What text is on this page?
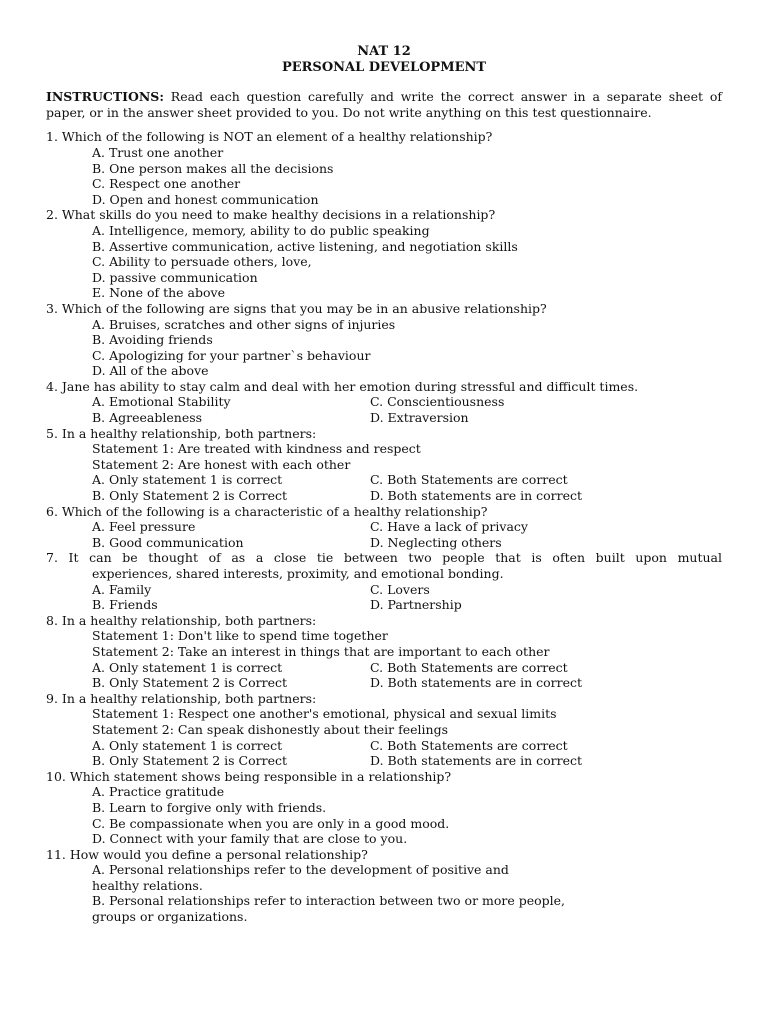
NAT 12
PERSONAL DEVELOPMENT
INSTRUCTIONS: Read each question carefully and write the correct answer in a separate sheet of paper, or in the answer sheet provided to you. Do not write anything on this test questionnaire.
1. Which of the following is NOT an element of a healthy relationship?
A. Trust one another
B. One person makes all the decisions
C. Respect one another
D. Open and honest communication
2. What skills do you need to make healthy decisions in a relationship?
A. Intelligence, memory, ability to do public speaking
B. Assertive communication, active listening, and negotiation skills
C. Ability to persuade others, love,
D. passive communication
E. None of the above
3. Which of the following are signs that you may be in an abusive relationship?
A. Bruises, scratches and other signs of injuries
B. Avoiding friends
C. Apologizing for your partner`s behaviour
D. All of the above
4. Jane has ability to stay calm and deal with her emotion during stressful and difficult times.
A. Emotional Stability	C. Conscientiousness
B. Agreeableness	D. Extraversion
5. In a healthy relationship, both partners:
Statement 1: Are treated with kindness and respect
Statement 2: Are honest with each other
A. Only statement 1 is correct	C. Both Statements are correct
B. Only Statement 2 is Correct	D. Both statements are in correct
6. Which of the following is a characteristic of a healthy relationship?
A. Feel pressure	C. Have a lack of privacy
B. Good communication	D. Neglecting others
7. It can be thought of as a close tie between two people that is often built upon mutual
experiences, shared interests, proximity, and emotional bonding.
A. Family	C. Lovers
B. Friends	D. Partnership
8. In a healthy relationship, both partners:
Statement 1: Don't like to spend time together
Statement 2: Take an interest in things that are important to each other
A. Only statement 1 is correct	C. Both Statements are correct
B. Only Statement 2 is Correct	D. Both statements are in correct
9. In a healthy relationship, both partners:
Statement 1: Respect one another's emotional, physical and sexual limits
Statement 2: Can speak dishonestly about their feelings
A. Only statement 1 is correct	C. Both Statements are correct
B. Only Statement 2 is Correct	D. Both statements are in correct
10. Which statement shows being responsible in a relationship?
A. Practice gratitude
B. Learn to forgive only with friends.
C. Be compassionate when you are only in a good mood.
D. Connect with your family that are close to you.
11. How would you define a personal relationship?
A. Personal relationships refer to the development of positive and
healthy relations.
B. Personal relationships refer to interaction between two or more people,
groups or organizations.
